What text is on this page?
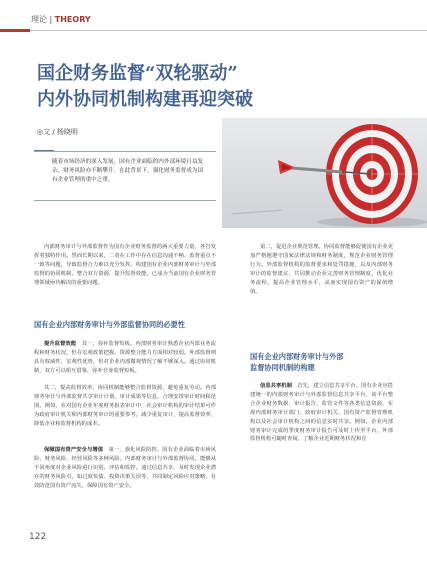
理论 | THEORY
国企财务监督“双轮驱动”
内外协同机制构建再迎突破
◎文 / 杨晓明
随着市场经济的深入发展，国有企业面临的内外部环境日益复杂，财务风险亦不断攀升。在此背景下，强化财务监督成为国有企业管理的重中之重。
内部财务审计与外部监督作为国有企业财务监督的两大重要力量，各自发挥着独特作用。然而长期以来，二者在工作中存在信息沟通不畅、监督重点不一致等问题，导致监督合力难以充分发挥。构建国有企业内部财务审计与外部监督的协同机制，整合双方资源，提升监督效能，已成为当前国有企业财务管理领域亟待解决的重要问题。
国有企业内部财务审计与外部监督协同的必要性
提升监督效能  其一，弥补监督短板。内部财务审计熟悉企业内部业务流程和财务状况，但在宏观政策把握、资源整合能力方面相对较弱。外部监督则具有权威性、宏观性优势，但对企业内部微观情况了解不够深入。通过协同机制，双方可以相互借鉴，弥补自身监督短板。
其二，提高监督效率。协同机制能够整合监督资源，避免重复劳动。内部财务审计与外部监督共享审计计划、审计成果等信息，合理安排审计时间和范围。例如，在对国有企业年度财务报表审计中，社会审计机构的审计结果可作为政府审计机关和内部财务审计的重要参考，减少重复审计，提高监督效率，降低企业和监督机构的成本。
保障国有资产安全与增值  第一，强化风险防控。国有企业面临着市场风险、财务风险、经营风险等多种风险。内部财务审计与外部监督协同，能够从不同角度对企业风险进行识别、评估和监控。通过信息共享，及时发现企业潜在的财务风险点，如过度负债、投资决策失误等，共同制定风险应对策略，有效防范国有资产流失，保障国有资产安全。
第二，促进企业规范管理。协同监督能够促使国有企业更加严格地遵守国家法律法规和财务制度，规范企业财务管理行为。外部监督机构的监督要求和处罚措施，以及内部财务审计的监督建议，共同推动企业完善财务管理制度，优化业务流程，提高企业管理水平，从而实现国有资产的保值增值。
国有企业内部财务审计与外部
监督协同机制的构建
信息共享机制  首先，建立信息共享平台。国有企业应搭建统一的内部财务审计与外部监督信息共享平台，该平台整合企业财务数据、审计报告、监管文件等各类信息资源，实现内部财务审计部门、政府审计机关、国有资产监督管理机构以及社会审计机构之间的信息实时共享。例如，企业内部财务审计完成的季度财务审计报告可及时上传至平台，外部监督机构可随时查阅，了解企业近期财务状况和存
122
